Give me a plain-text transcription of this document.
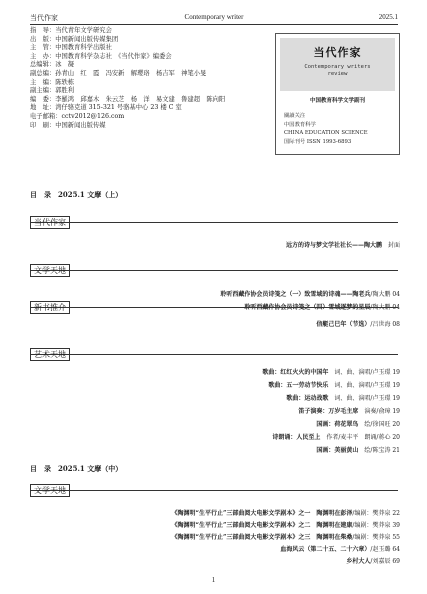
当代作家	Contemporary writer	2025.1
指　导：当代青年文学研究会
出　版：中国新闻出版传媒集团
主　管：中国教育科学出版社
主　办：中国教育科学杂志社　《当代作家》编委会
总编辑：冰　凝
副总编：孙青山　红　霞　冯安新　解璎珞　杨吉军　神笔小旻
主　编：陈轶栋
副主编：郭胜利
编　委：李羅鸿　邱嘉木　朱云芝　杨　洋　易文建　鲁建超　陈向阳
地　址：湾仔骆克道 315-321 号骆基中心 23 楼 C 室
电子邮箱：cctv2012@126.com
印　刷：中国新闻出版传媒
当代作家
Contemporary writers
review
中国教育科学文学副刊
關讀关注
中国教育科学
CHINA EDUCATION SCIENCE
国际刊号 ISSN 1993-6893
目　录　2025.1 文摩（上）
当代作家
远方的诗与梦文学社社长——陶大鹏　 封面
文学天地
聆听西藏作协会员诗笺之（一）致雪域的诗魂——陶老兵/陶大鹏 04
聆听西藏作协会员诗笺之（四）雪域逐梦的星辰/陶大鹏 04
新书推介
信艇己巳年（节选）/吕世海 08
艺术天地
歌曲：红红火火的中国年　 词、曲、演唱/卢玉璟 19
歌曲：五一劳动节快乐　 词、曲、演唱/卢玉璟 19
歌曲：运动战歌　 词、曲、演唱/卢玉璟 19
笛子演奏：万岁毛主席　 演奏/俞璋 19
国画：荷花翠鸟　 绘/徐国旺 20
诗朗诵：人民至上　 作者/麦丰平　朗诵/蒋心 20
国画：美丽黄山　 绘/陈宝涛 21
目　录　2025.1 文摩（中）
文学天地
《陶渊明“生平行止”三部曲阅大电影文学剧本》之一　陶渊明在彭泽/编剧：樊莽泉 22
《陶渊明“生平行止”三部曲阅大电影文学剧本》之二　陶渊明在建康/编剧：樊莽泉 39
《陶渊明“生平行止”三部曲阅大电影文学剧本》之三　陶渊明在柴桑/编剧：樊莽泉 55
血海风云（第二十五、二十六章）/赵玉璐 64
乡村大人/刘嘉辰 69
1
